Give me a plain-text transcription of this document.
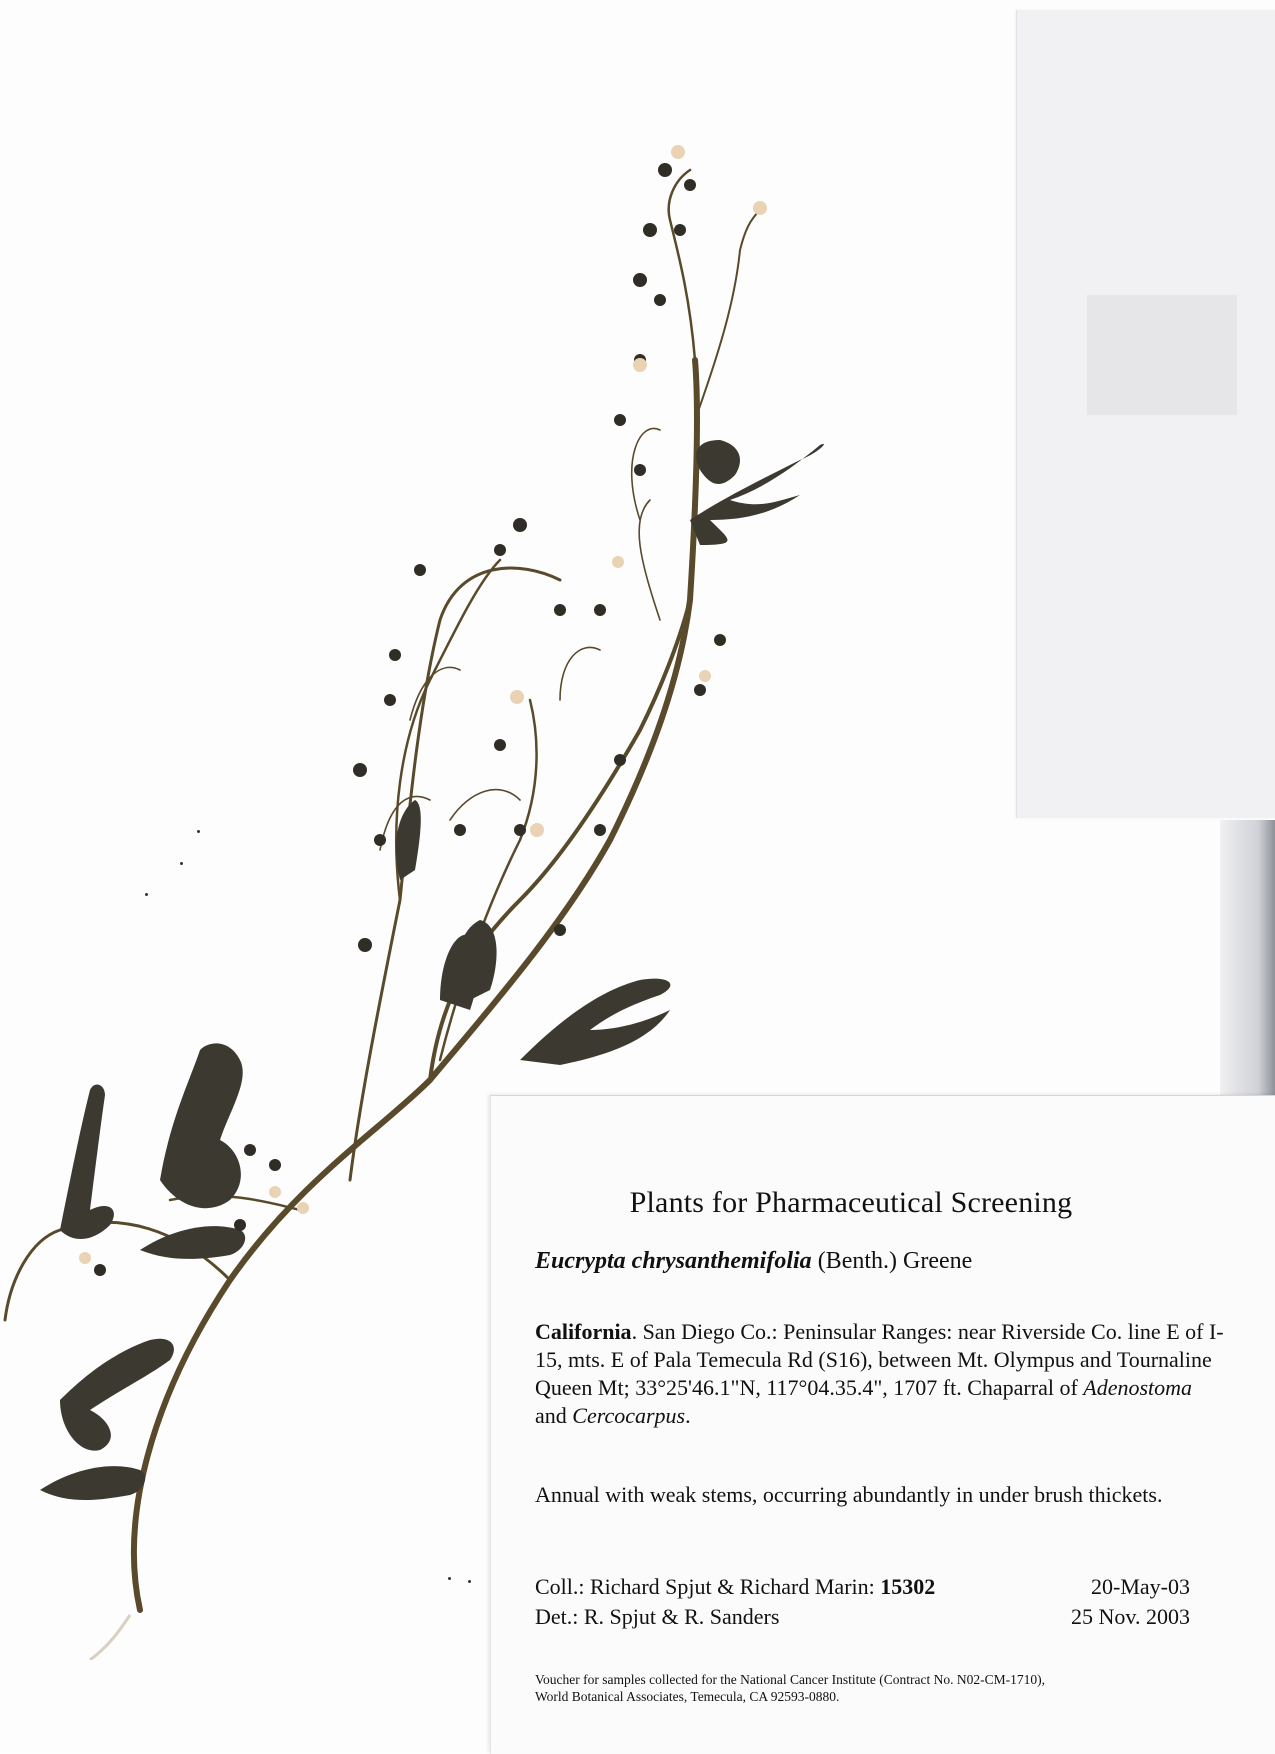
Plants for Pharmaceutical Screening
Eucrypta chrysanthemifolia (Benth.) Greene
California. San Diego Co.: Peninsular Ranges: near Riverside Co. line E of I-15, mts. E of Pala Temecula Rd (S16), between Mt. Olympus and Tournaline Queen Mt; 33°25'46.1"N, 117°04.35.4", 1707 ft. Chaparral of Adenostoma and Cercocarpus.
Annual with weak stems, occurring abundantly in under brush thickets.
Coll.: Richard Spjut & Richard Marin: 15302	20-May-03
Det.: R. Spjut & R. Sanders	25 Nov. 2003
Voucher for samples collected for the National Cancer Institute (Contract No. N02-CM-1710),
World Botanical Associates, Temecula, CA 92593-0880.
